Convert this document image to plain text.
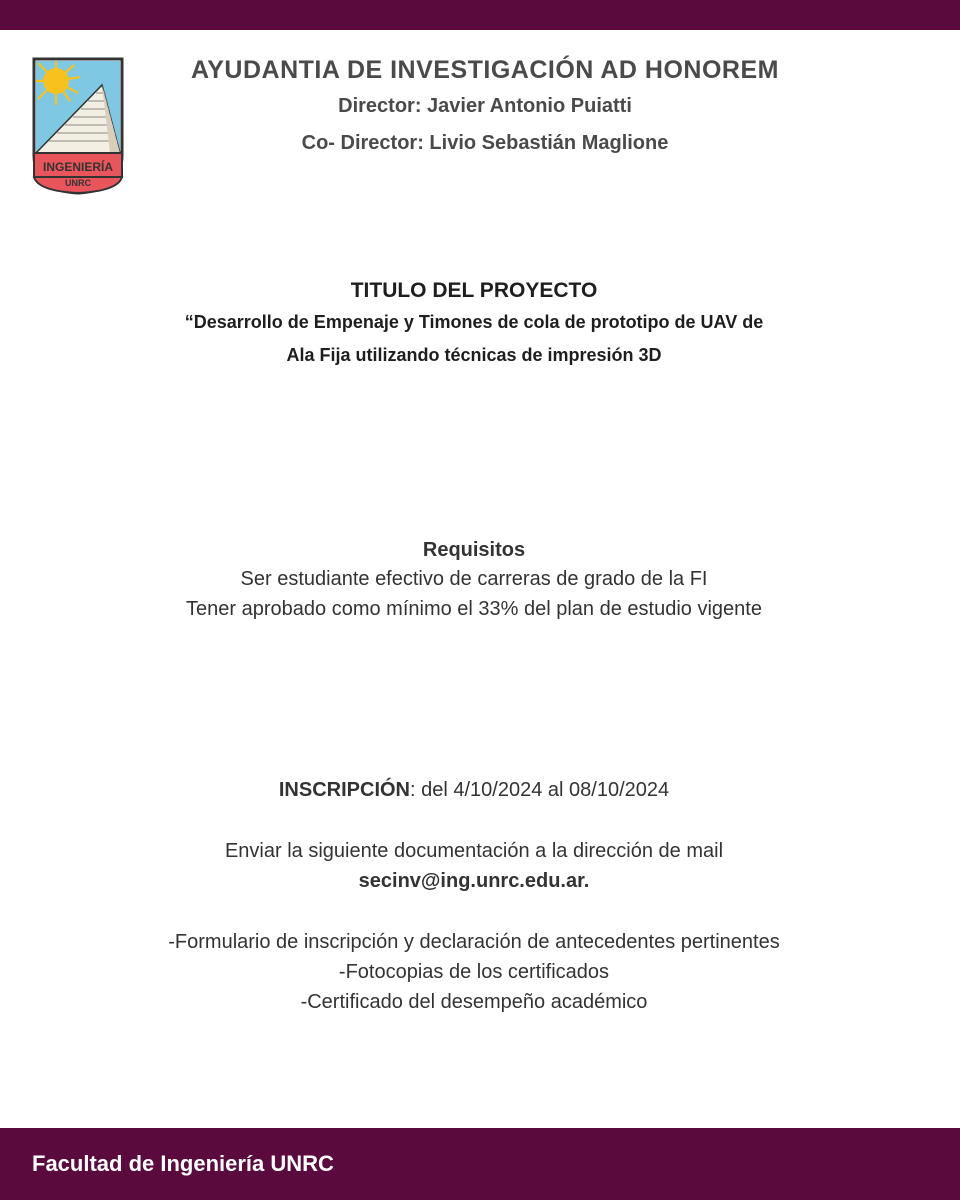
INGENIERÍA
UNRC
AYUDANTIA DE INVESTIGACIÓN AD HONOREM
Director: Javier Antonio Puiatti
Co- Director: Livio Sebastián Maglione
TITULO DEL PROYECTO
“Desarrollo de Empenaje y Timones de cola de prototipo de UAV de
Ala Fija utilizando técnicas de impresión 3D
Requisitos
Ser estudiante efectivo de carreras de grado de la FI
Tener aprobado como mínimo el 33% del plan de estudio vigente
INSCRIPCIÓN: del 4/10/2024 al 08/10/2024
Enviar la siguiente documentación a la dirección de mail
secinv@ing.unrc.edu.ar.
-Formulario de inscripción y declaración de antecedentes pertinentes
-Fotocopias de los certificados
-Certificado del desempeño académico
Facultad de Ingeniería UNRC
